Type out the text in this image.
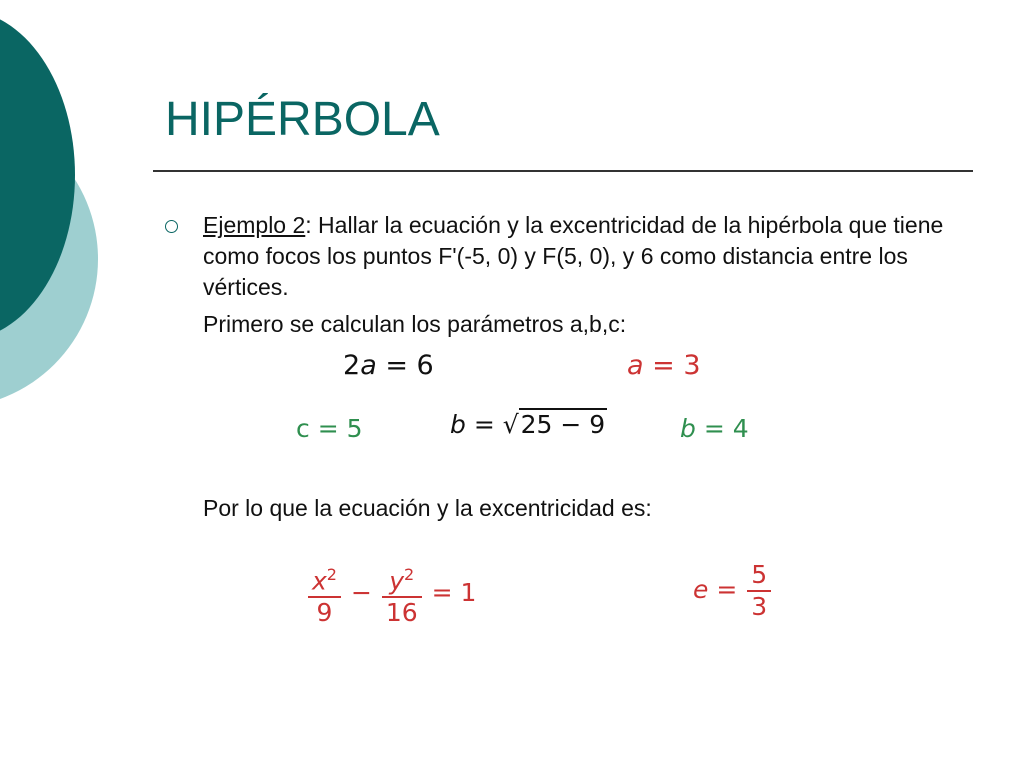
HIPÉRBOLA

Ejemplo 2: Hallar la ecuación y la excentricidad de la hipérbola que tiene como focos los puntos F'(-5, 0) y F(5, 0), y 6 como distancia entre los vértices.

Primero se calculan los parámetros a,b,c:

2a = 6	a = 3
c = 5	b = √25 − 9	b = 4

Por lo que la ecuación y la excentricidad es:

$\frac{x^2}{9} - \frac{y^2}{16} = 1$	$e = \frac{5}{3}$
